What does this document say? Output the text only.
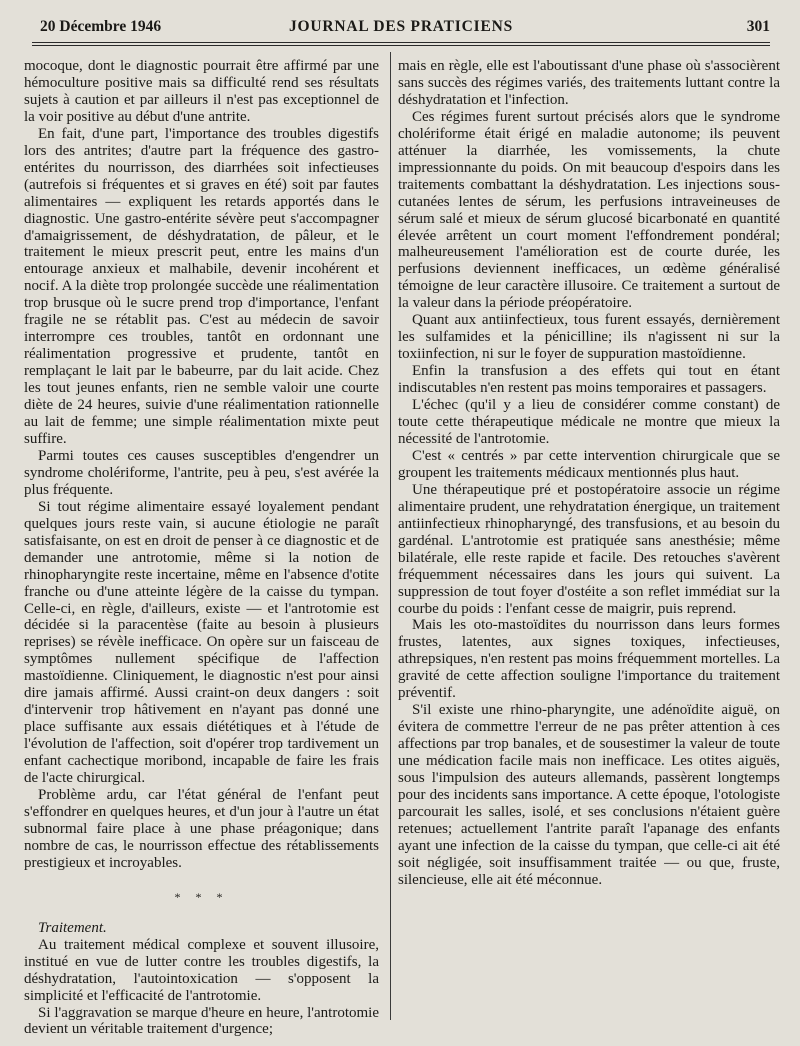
20 Décembre 1946	JOURNAL DES PRATICIENS	301

mocoque, dont le diagnostic pourrait être affirmé par une hémoculture positive mais sa difficulté rend ses résultats sujets à caution et par ailleurs il n'est pas exceptionnel de la voir positive au début d'une antrite.

En fait, d'une part, l'importance des troubles digestifs lors des antrites; d'autre part la fréquence des gastro-entérites du nourrisson, des diarrhées soit infectieuses (autrefois si fréquentes et si graves en été) soit par fautes alimentaires — expliquent les retards apportés dans le diagnostic. Une gastro-entérite sévère peut s'accompagner d'amaigrissement, de déshydratation, de pâleur, et le traitement le mieux prescrit peut, entre les mains d'un entourage anxieux et malhabile, devenir incohérent et nocif. A la diète trop prolongée succède une réalimentation trop brusque où le sucre prend trop d'importance, l'enfant fragile ne se rétablit pas. C'est au médecin de savoir interrompre ces troubles, tantôt en ordonnant une réalimentation progressive et prudente, tantôt en remplaçant le lait par le babeurre, par du lait acide. Chez les tout jeunes enfants, rien ne semble valoir une courte diète de 24 heures, suivie d'une réalimentation rationnelle au lait de femme; une simple réalimentation mixte peut suffire.

Parmi toutes ces causes susceptibles d'engendrer un syndrome cholériforme, l'antrite, peu à peu, s'est avérée la plus fréquente.

Si tout régime alimentaire essayé loyalement pendant quelques jours reste vain, si aucune étiologie ne paraît satisfaisante, on est en droit de penser à ce diagnostic et de demander une antrotomie, même si la notion de rhinopharyngite reste incertaine, même en l'absence d'otite franche ou d'une atteinte légère de la caisse du tympan. Celle-ci, en règle, d'ailleurs, existe — et l'antrotomie est décidée si la paracentèse (faite au besoin à plusieurs reprises) se révèle inefficace. On opère sur un faisceau de symptômes nullement spécifique de l'affection mastoïdienne. Cliniquement, le diagnostic n'est pour ainsi dire jamais affirmé. Aussi craint-on deux dangers : soit d'intervenir trop hâtivement en n'ayant pas donné une place suffisante aux essais diététiques et à l'étude de l'évolution de l'affection, soit d'opérer trop tardivement un enfant cachectique moribond, incapable de faire les frais de l'acte chirurgical.

Problème ardu, car l'état général de l'enfant peut s'effondrer en quelques heures, et d'un jour à l'autre un état subnormal faire place à une phase préagonique; dans nombre de cas, le nourrisson effectue des rétablissements prestigieux et incroyables.

* * *

Traitement.

Au traitement médical complexe et souvent illusoire, institué en vue de lutter contre les troubles digestifs, la déshydratation, l'autointoxication — s'opposent la simplicité et l'efficacité de l'antrotomie.

Si l'aggravation se marque d'heure en heure, l'antrotomie devient un véritable traitement d'urgence;

mais en règle, elle est l'aboutissant d'une phase où s'associèrent sans succès des régimes variés, des traitements luttant contre la déshydratation et l'infection.

Ces régimes furent surtout précisés alors que le syndrome cholériforme était érigé en maladie autonome; ils peuvent atténuer la diarrhée, les vomissements, la chute impressionnante du poids. On mit beaucoup d'espoirs dans les traitements combattant la déshydratation. Les injections sous-cutanées lentes de sérum, les perfusions intraveineuses de sérum salé et mieux de sérum glucosé bicarbonaté en quantité élevée arrêtent un court moment l'effondrement pondéral; malheureusement l'amélioration est de courte durée, les perfusions deviennent inefficaces, un œdème généralisé témoigne de leur caractère illusoire. Ce traitement a surtout de la valeur dans la période préopératoire.

Quant aux antiinfectieux, tous furent essayés, dernièrement les sulfamides et la pénicilline; ils n'agissent ni sur la toxiinfection, ni sur le foyer de suppuration mastoïdienne.

Enfin la transfusion a des effets qui tout en étant indiscutables n'en restent pas moins temporaires et passagers.

L'échec (qu'il y a lieu de considérer comme constant) de toute cette thérapeutique médicale ne montre que mieux la nécessité de l'antrotomie.

C'est « centrés » par cette intervention chirurgicale que se groupent les traitements médicaux mentionnés plus haut.

Une thérapeutique pré et postopératoire associe un régime alimentaire prudent, une rehydratation énergique, un traitement antiinfectieux rhinopharyngé, des transfusions, et au besoin du gardénal. L'antrotomie est pratiquée sans anesthésie; même bilatérale, elle reste rapide et facile. Des retouches s'avèrent fréquemment nécessaires dans les jours qui suivent. La suppression de tout foyer d'ostéite a son reflet immédiat sur la courbe du poids : l'enfant cesse de maigrir, puis reprend.

Mais les oto-mastoïdites du nourrisson dans leurs formes frustes, latentes, aux signes toxiques, infectieuses, athrepsiques, n'en restent pas moins fréquemment mortelles. La gravité de cette affection souligne l'importance du traitement préventif.

S'il existe une rhino-pharyngite, une adénoïdite aiguë, on évitera de commettre l'erreur de ne pas prêter attention à ces affections par trop banales, et de sousestimer la valeur de toute une médication facile mais non inefficace. Les otites aiguës, sous l'impulsion des auteurs allemands, passèrent longtemps pour des incidents sans importance. A cette époque, l'otologiste parcourait les salles, isolé, et ses conclusions n'étaient guère retenues; actuellement l'antrite paraît l'apanage des enfants ayant une infection de la caisse du tympan, que celle-ci ait été soit négligée, soit insuffisamment traitée — ou que, fruste, silencieuse, elle ait été méconnue.
